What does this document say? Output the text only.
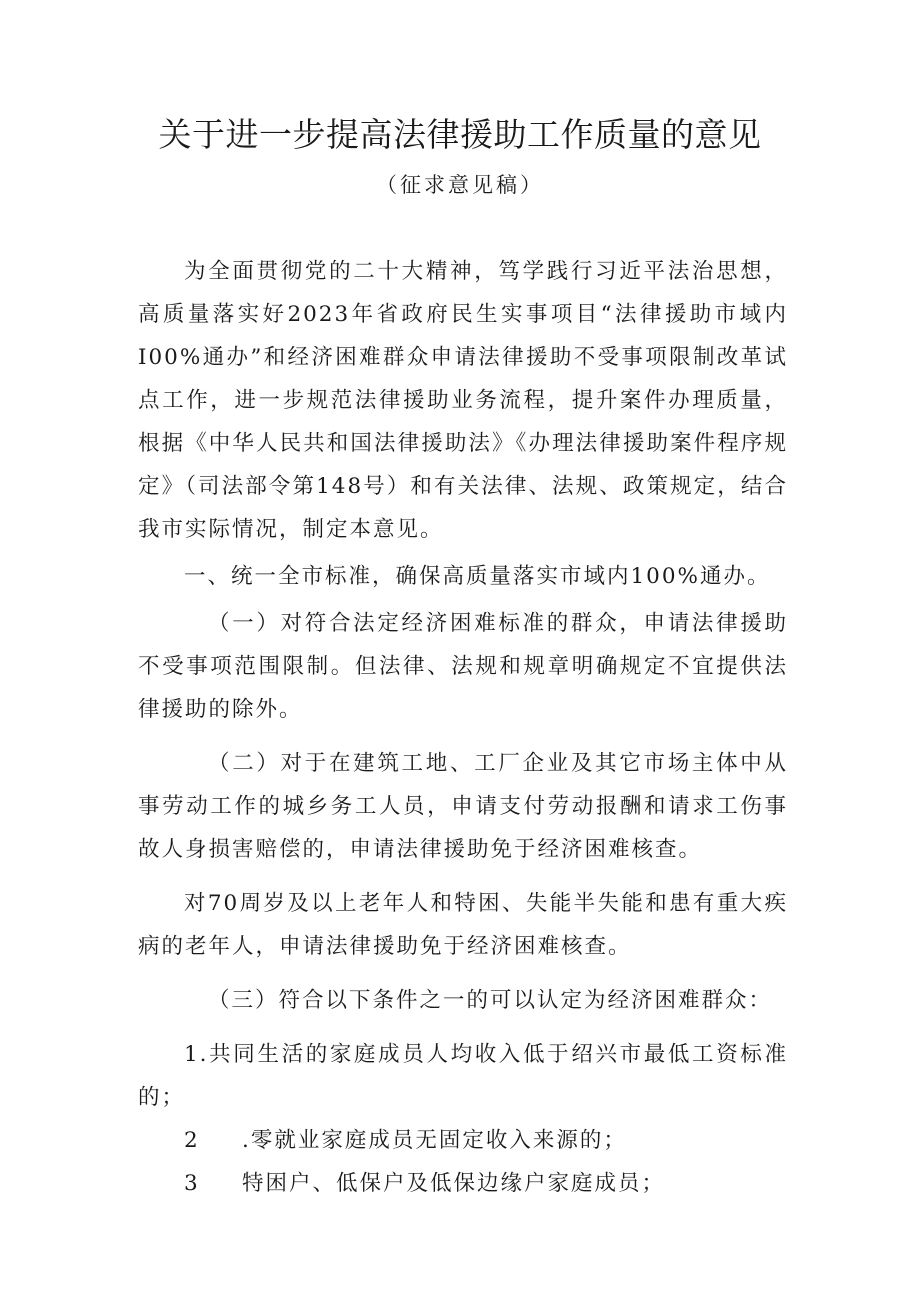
关于进一步提高法律援助工作质量的意见
（征求意见稿）

为全面贯彻党的二十大精神，笃学践行习近平法治思想，高质量落实好2023年省政府民生实事项目“法律援助市域内I00%通办”和经济困难群众申请法律援助不受事项限制改革试点工作，进一步规范法律援助业务流程，提升案件办理质量，根据《中华人民共和国法律援助法》《办理法律援助案件程序规定》（司法部令第148号）和有关法律、法规、政策规定，结合我市实际情况，制定本意见。

一、统一全市标准，确保高质量落实市域内100%通办。

（一）对符合法定经济困难标准的群众，申请法律援助不受事项范围限制。但法律、法规和规章明确规定不宜提供法律援助的除外。

（二）对于在建筑工地、工厂企业及其它市场主体中从事劳动工作的城乡务工人员，申请支付劳动报酬和请求工伤事故人身损害赔偿的，申请法律援助免于经济困难核查。

对70周岁及以上老年人和特困、失能半失能和患有重大疾病的老年人，申请法律援助免于经济困难核查。

（三）符合以下条件之一的可以认定为经济困难群众：

1.共同生活的家庭成员人均收入低于绍兴市最低工资标准的；

2 .零就业家庭成员无固定收入来源的；
3 特困户、低保户及低保边缘户家庭成员；
